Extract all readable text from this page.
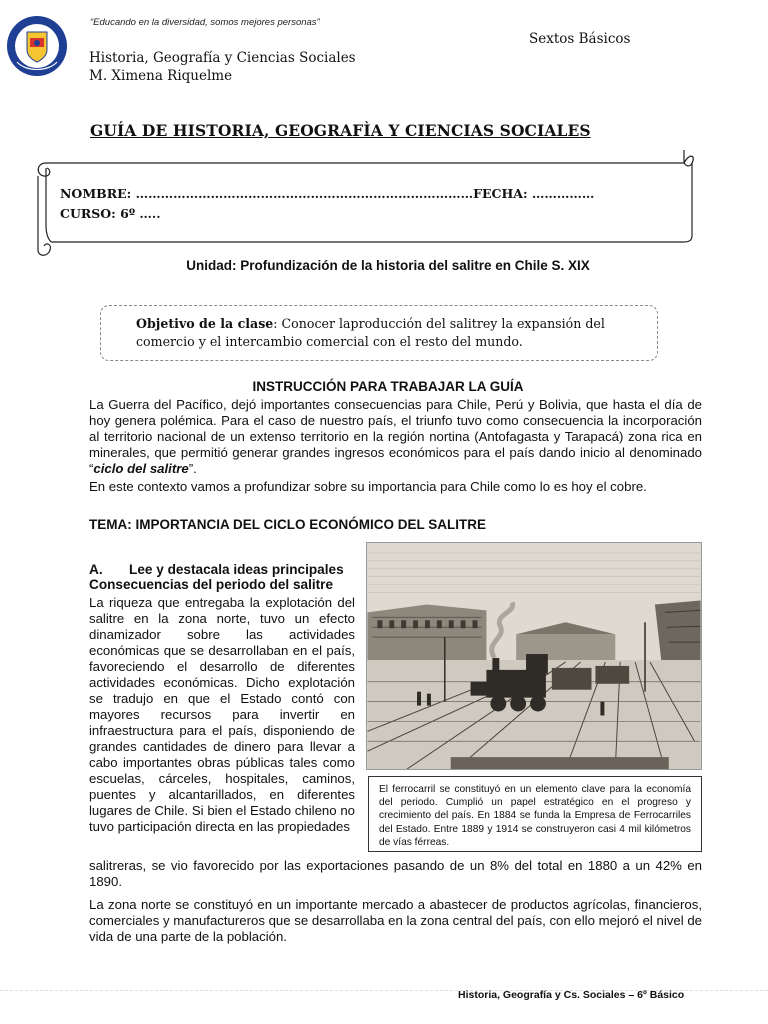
“Educando en la diversidad, somos mejores personas”
Sextos Básicos
Historia, Geografía y Ciencias Sociales
M. Ximena Riquelme
GUÍA DE HISTORIA, GEOGRAFÌA Y CIENCIAS SOCIALES
NOMBRE: ………………………………………………………………………FECHA: ……………
CURSO: 6º …..
Unidad: Profundización de la historia del salitre en Chile S. XIX
Objetivo de la clase: Conocer laproducción del salitrey la expansión del comercio y el intercambio comercial con el resto del mundo.
INSTRUCCIÓN PARA TRABAJAR LA GUÍA
La Guerra del Pacífico, dejó importantes consecuencias para Chile, Perú y Bolivia, que hasta el día de hoy genera polémica. Para el caso de nuestro país, el triunfo tuvo como consecuencia la incorporación al territorio nacional de un extenso territorio en la región nortina (Antofagasta y Tarapacá) zona rica en minerales, que permitió generar grandes ingresos económicos para el país dando inicio al denominado “ciclo del salitre”.
En este contexto vamos a profundizar sobre su importancia para Chile como lo es hoy el cobre.
TEMA: IMPORTANCIA DEL CICLO ECONÓMICO DEL SALITRE
A.       Lee y destacala ideas principales
Consecuencias del periodo del salitre
La riqueza que entregaba la explotación del salitre en la zona norte, tuvo un efecto dinamizador sobre las actividades económicas que se desarrollaban en el país, favoreciendo el desarrollo de diferentes actividades económicas. Dicho explotación se tradujo en que el Estado contó con mayores recursos para invertir en infraestructura para el país, disponiendo de grandes cantidades de dinero para llevar a cabo importantes obras públicas tales como escuelas, cárceles, hospitales, caminos, puentes y alcantarillados, en diferentes lugares de Chile. Si bien el Estado chileno no tuvo participación directa en las propiedades
salitreras, se vio favorecido por las exportaciones pasando de un 8% del total en 1880 a un 42% en 1890.
La zona norte se constituyó en un importante mercado a abastecer de productos agrícolas, financieros, comerciales y manufactureros que se desarrollaba en la zona central del país, con ello mejoró el nivel de vida de una parte de la población.
El ferrocarril se constituyó en un elemento clave para la economía del periodo. Cumplió un papel estratégico en el progreso y crecimiento del país. En 1884 se funda la Empresa de Ferrocarriles del Estado. Entre 1889 y 1914 se construyeron casi 4 mil kilómetros de vías férreas.
Historia, Geografía y Cs. Sociales – 6º Básico
